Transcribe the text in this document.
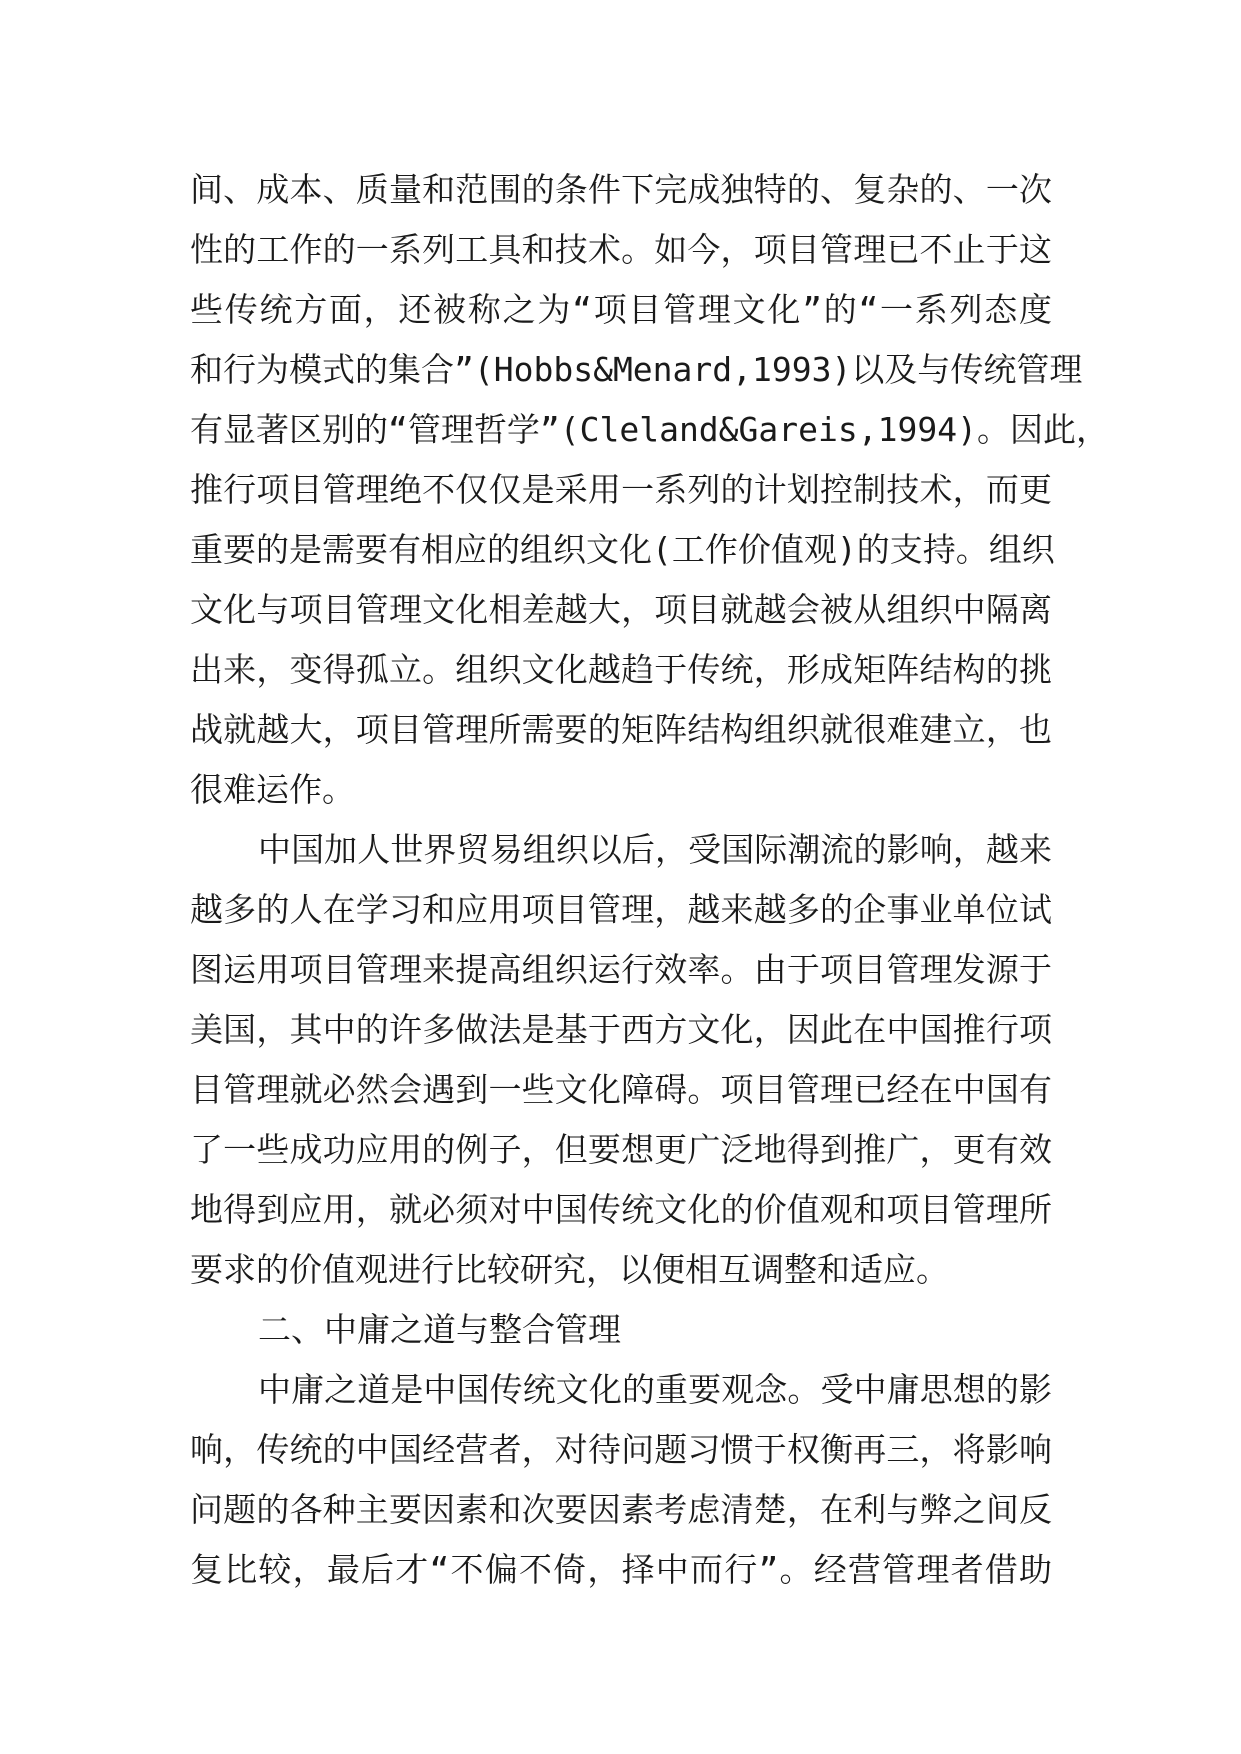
间、成本、质量和范围的条件下完成独特的、复杂的、一次
性的工作的一系列工具和技术。如今，项目管理已不止于这
些传统方面，还被称之为“项目管理文化”的“一系列态度
和行为模式的集合”(Hobbs&Menard,1993)以及与传统管理
有显著区别的“管理哲学”(Cleland&Gareis,1994)。因此，
推行项目管理绝不仅仅是采用一系列的计划控制技术，而更
重要的是需要有相应的组织文化(工作价值观)的支持。组织
文化与项目管理文化相差越大，项目就越会被从组织中隔离
出来，变得孤立。组织文化越趋于传统，形成矩阵结构的挑
战就越大，项目管理所需要的矩阵结构组织就很难建立，也
很难运作。
中国加人世界贸易组织以后，受国际潮流的影响，越来
越多的人在学习和应用项目管理，越来越多的企事业单位试
图运用项目管理来提高组织运行效率。由于项目管理发源于
美国，其中的许多做法是基于西方文化，因此在中国推行项
目管理就必然会遇到一些文化障碍。项目管理已经在中国有
了一些成功应用的例子，但要想更广泛地得到推广，更有效
地得到应用，就必须对中国传统文化的价值观和项目管理所
要求的价值观进行比较研究，以便相互调整和适应。
二、中庸之道与整合管理
中庸之道是中国传统文化的重要观念。受中庸思想的影
响，传统的中国经营者，对待问题习惯于权衡再三，将影响
问题的各种主要因素和次要因素考虑清楚，在利与弊之间反
复比较，最后才“不偏不倚，择中而行”。经营管理者借助
